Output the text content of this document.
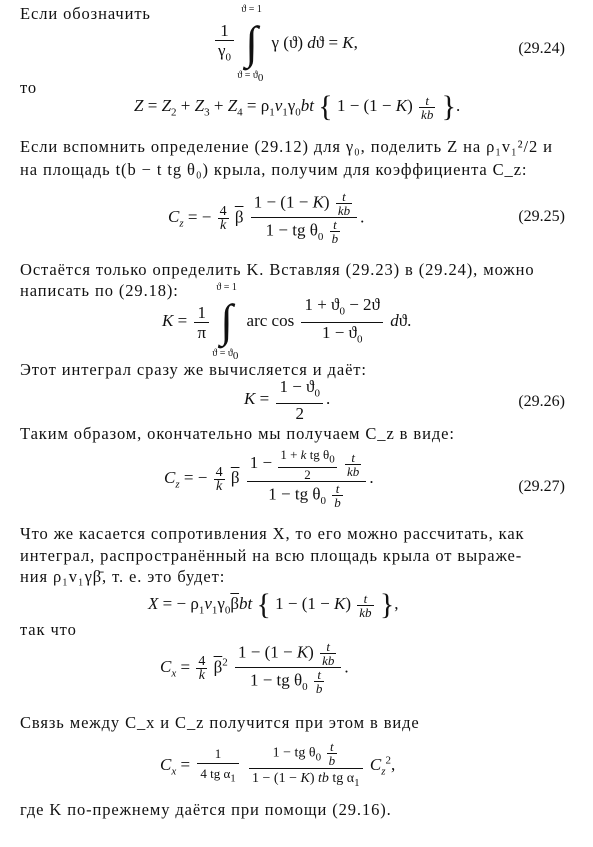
Если обозначить
$\frac{1}{\gamma_0}$

ϑ = 1
∫
$ϑ = ϑ_0$
γ (ϑ) dϑ = K,	(29.24)
то
$Z = Z_2 + Z_3 + Z_4 = \rho_1v_1\gamma_0bt$ { $1 - (1 - K) \frac{t}{kb}$ }.
Если вспомнить определение (29.12) для γ₀, поделить Z на ρ₁v₁²/2 и
на площадь t(b − t tg θ₀) крыла, получим для коэффициента C_z:
$C_z$ = − $\frac{4}{k} \overline{\beta} \frac{1 - (1 - K) \frac{t}{kb}}{1 - tg \theta_0 \frac{t}{b}}$ .	(29.25)
Остаётся только определить K. Вставляя (29.23) в (29.24), можно
написать по (29.18):
$K = \frac{1}{\pi}$

ϑ = 1
∫
$ϑ = ϑ_0$
arc $\cos \frac{1 + ϑ_0 - 2ϑ}{1 - ϑ_0} dϑ$.
Этот интеграл сразу же вычисляется и даёт:
$K = \frac{1 - ϑ_0}{2}$ .	(29.26)
Таким образом, окончательно мы получаем C_z в виде:
$C_z$ = − $\frac{4}{k} \overline{\beta}$ $1 - \frac{1 + k tg \theta_0}{2}$
$\frac{t}{kb}$
1 − tg $\theta_0 \frac{t}{b}$ .	(29.27)
Что же касается сопротивления X, то его можно рассчитать, как
интеграл, распространённый на всю площадь крыла от выраже-
ния ρ₁v₁γβ̄, т. е. это будет:
X = − $\rho_1v_1\gamma_0\overline{\beta}bt$ { $1 - (1 - K) \frac{t}{kb}$ },
так что
$C_x = \frac{4}{k} \overline{\beta}^2 \frac{1 - (1 - K) \frac{t}{kb}}{1 - tg \theta_0 \frac{t}{b}}$ .
Связь между C_x и C_z получится при этом в виде
$C_x = \frac{1}{4 tg \alpha_1}$
$\frac{1 - tg \theta_0 \frac{t}{b}}{1 - (1 - K) tb tg \alpha_1} C_z^2$,
где K по-прежнему даётся при помощи (29.16).
